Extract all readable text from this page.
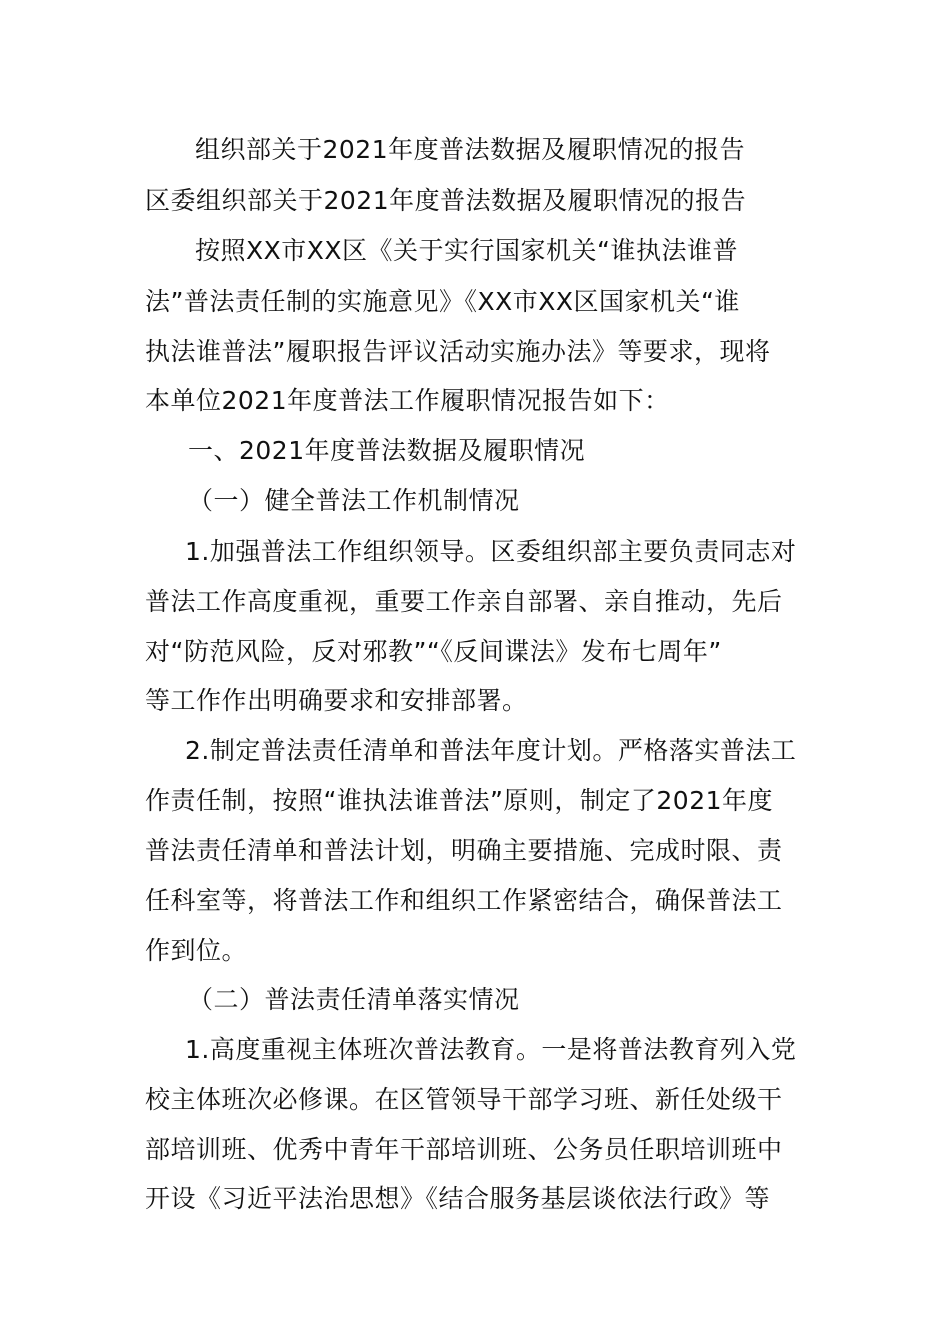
组织部关于2021年度普法数据及履职情况的报告
区委组织部关于2021年度普法数据及履职情况的报告
按照XX市XX区《关于实行国家机关“谁执法谁普
法”普法责任制的实施意见》《XX市XX区国家机关“谁
执法谁普法”履职报告评议活动实施办法》等要求，现将
本单位2021年度普法工作履职情况报告如下：
一、2021年度普法数据及履职情况
（一）健全普法工作机制情况
1.加强普法工作组织领导。区委组织部主要负责同志对
普法工作高度重视，重要工作亲自部署、亲自推动，先后
对“防范风险，反对邪教”“《反间谍法》发布七周年”
等工作作出明确要求和安排部署。
2.制定普法责任清单和普法年度计划。严格落实普法工
作责任制，按照“谁执法谁普法”原则，制定了2021年度
普法责任清单和普法计划，明确主要措施、完成时限、责
任科室等，将普法工作和组织工作紧密结合，确保普法工
作到位。
（二）普法责任清单落实情况
1.高度重视主体班次普法教育。一是将普法教育列入党
校主体班次必修课。在区管领导干部学习班、新任处级干
部培训班、优秀中青年干部培训班、公务员任职培训班中
开设《习近平法治思想》《结合服务基层谈依法行政》等
